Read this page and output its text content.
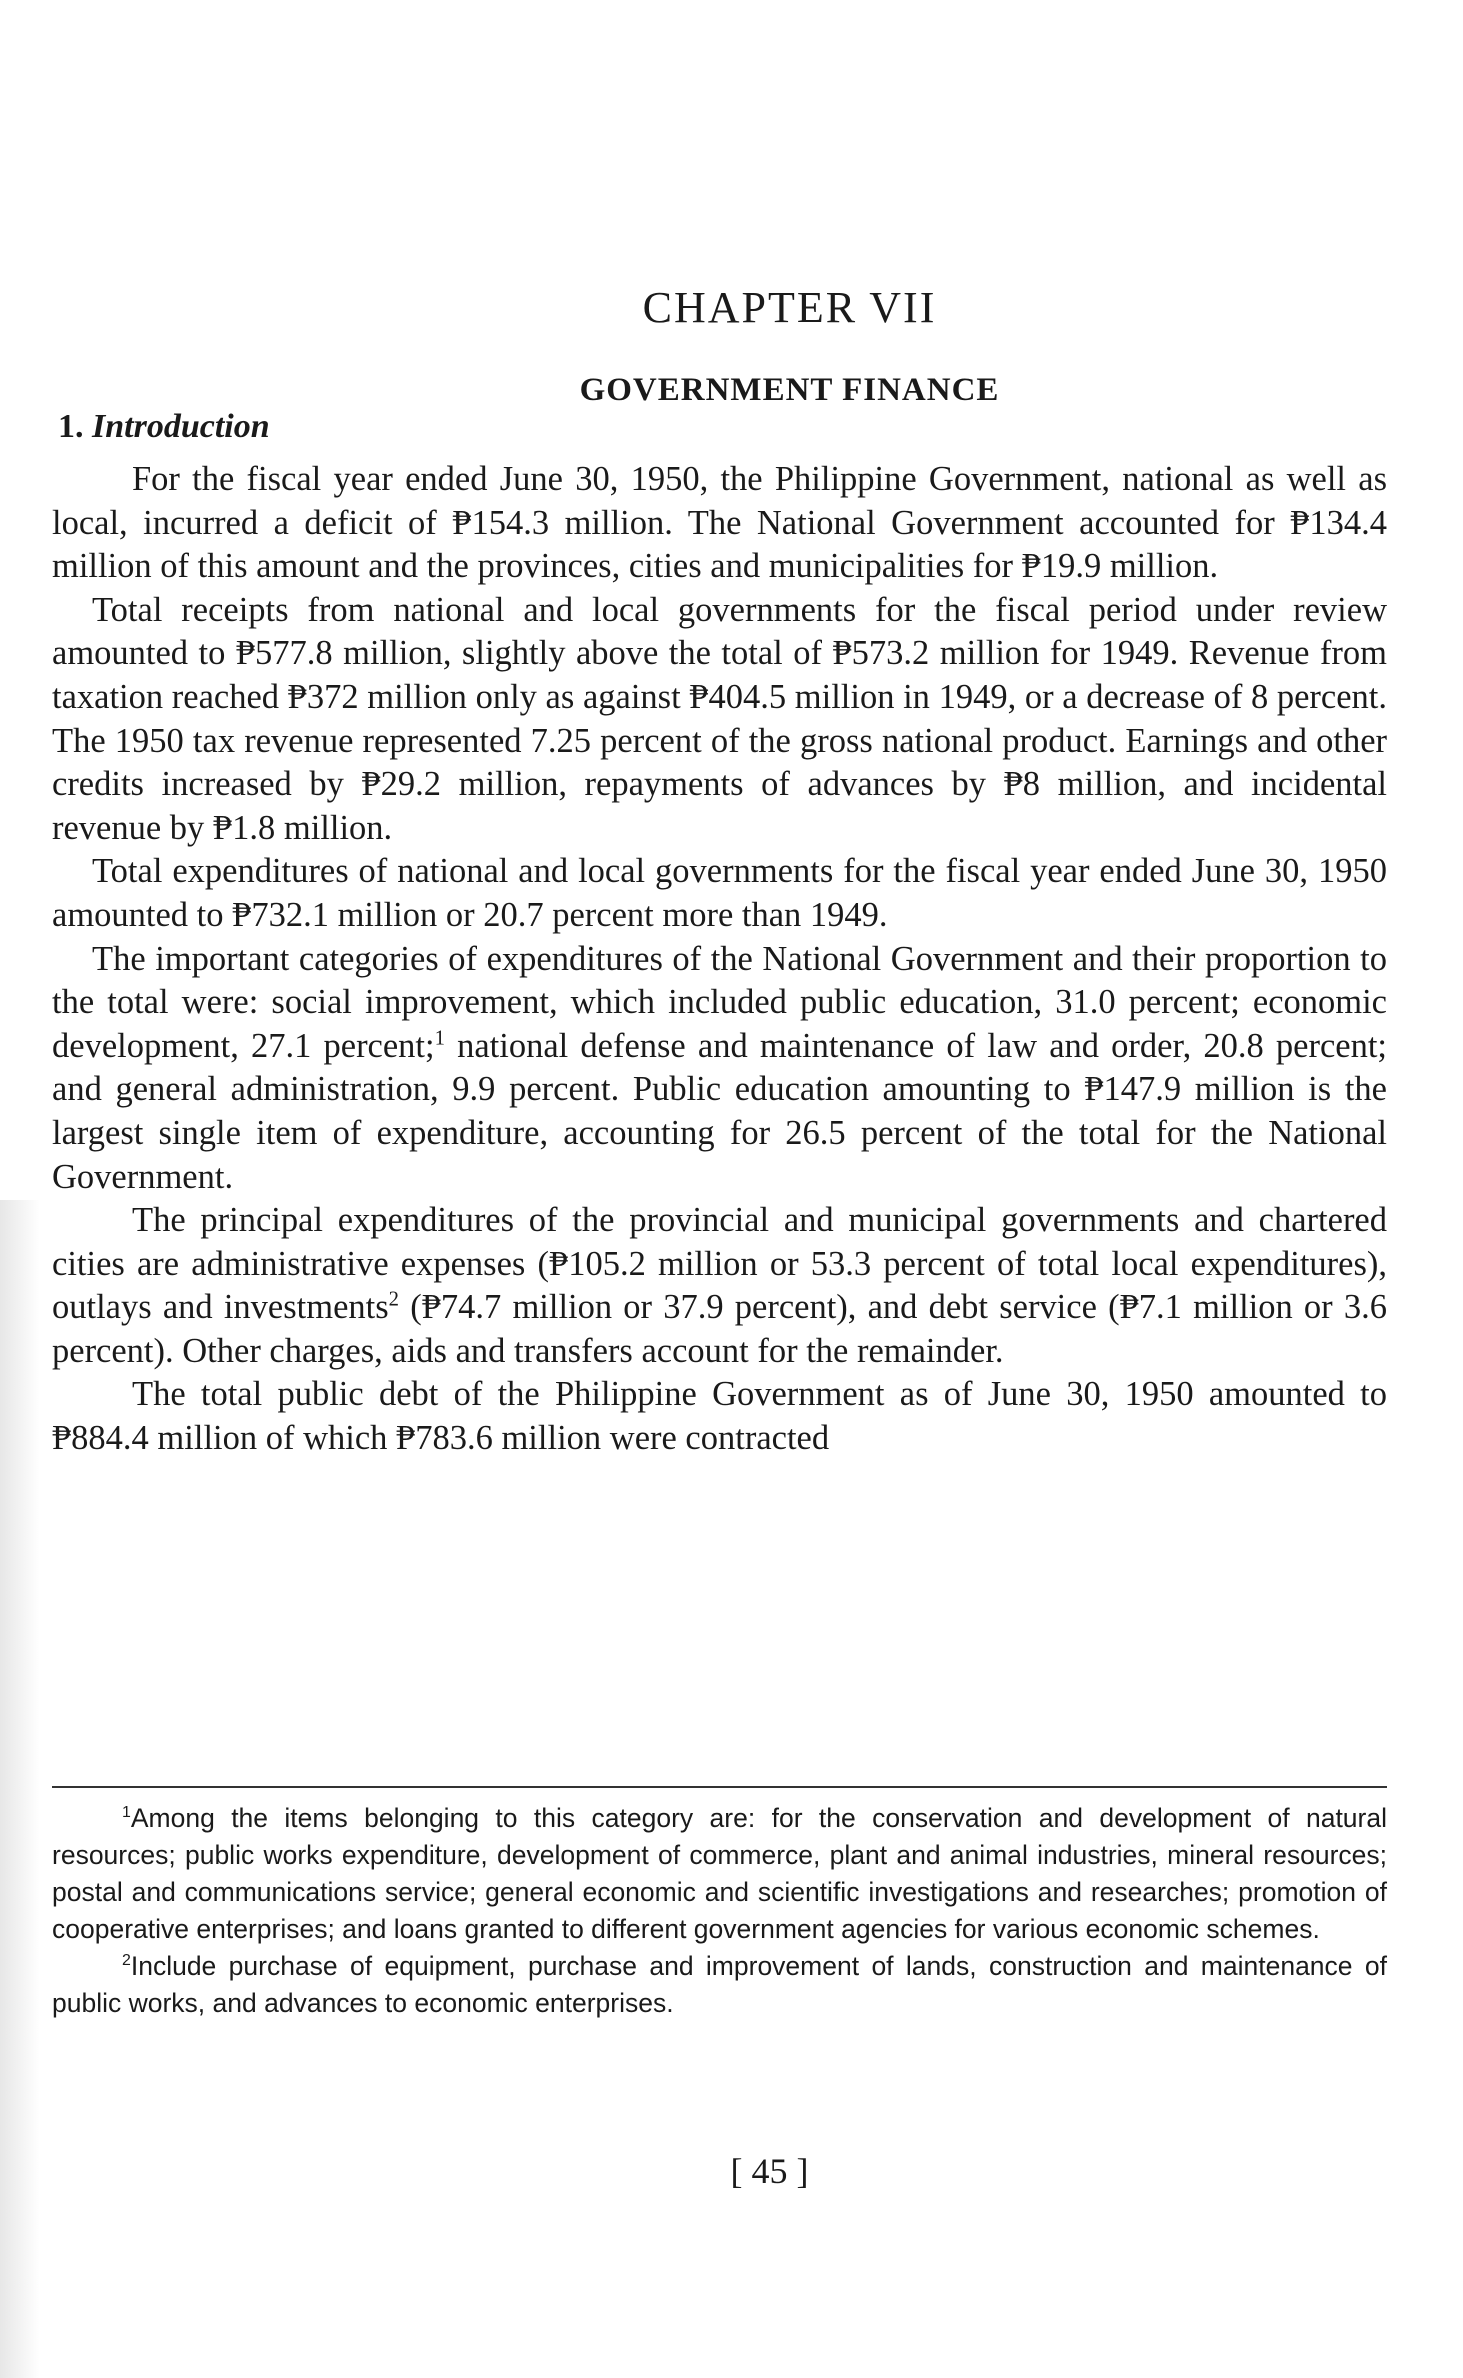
CHAPTER VII
GOVERNMENT FINANCE
1. Introduction

For the fiscal year ended June 30, 1950, the Philippine Government, national as well as local, incurred a deficit of ₱154.3 million. The National Government accounted for ₱134.4 million of this amount and the provinces, cities and municipalities for ₱19.9 million.

Total receipts from national and local governments for the fiscal period under review amounted to ₱577.8 million, slightly above the total of ₱573.2 million for 1949. Revenue from taxation reached ₱372 million only as against ₱404.5 million in 1949, or a decrease of 8 percent. The 1950 tax revenue represented 7.25 percent of the gross national product. Earnings and other credits increased by ₱29.2 million, repayments of advances by ₱8 million, and incidental revenue by ₱1.8 million.

Total expenditures of national and local governments for the fiscal year ended June 30, 1950 amounted to ₱732.1 million or 20.7 percent more than 1949.

The important categories of expenditures of the National Government and their proportion to the total were: social improvement, which included public education, 31.0 percent; economic development, 27.1 percent;$^1$ national defense and maintenance of law and order, 20.8 percent; and general administration, 9.9 percent. Public education amounting to ₱147.9 million is the largest single item of expenditure, accounting for 26.5 percent of the total for the National Government.

The principal expenditures of the provincial and municipal governments and chartered cities are administrative expenses (₱105.2 million or 53.3 percent of total local expenditures), outlays and investments$^2$ (₱74.7 million or 37.9 percent), and debt service (₱7.1 million or 3.6 percent). Other charges, aids and transfers account for the remainder.

The total public debt of the Philippine Government as of June 30, 1950 amounted to ₱884.4 million of which ₱783.6 million were contracted

$^1$Among the items belonging to this category are: for the conservation and development of natural resources; public works expenditure, development of commerce, plant and animal industries, mineral resources; postal and communications service; general economic and scientific investigations and researches; promotion of cooperative enterprises; and loans granted to different government agencies for various economic schemes.

$^2$Include purchase of equipment, purchase and improvement of lands, construction and maintenance of public works, and advances to economic enterprises.

[ 45 ]
